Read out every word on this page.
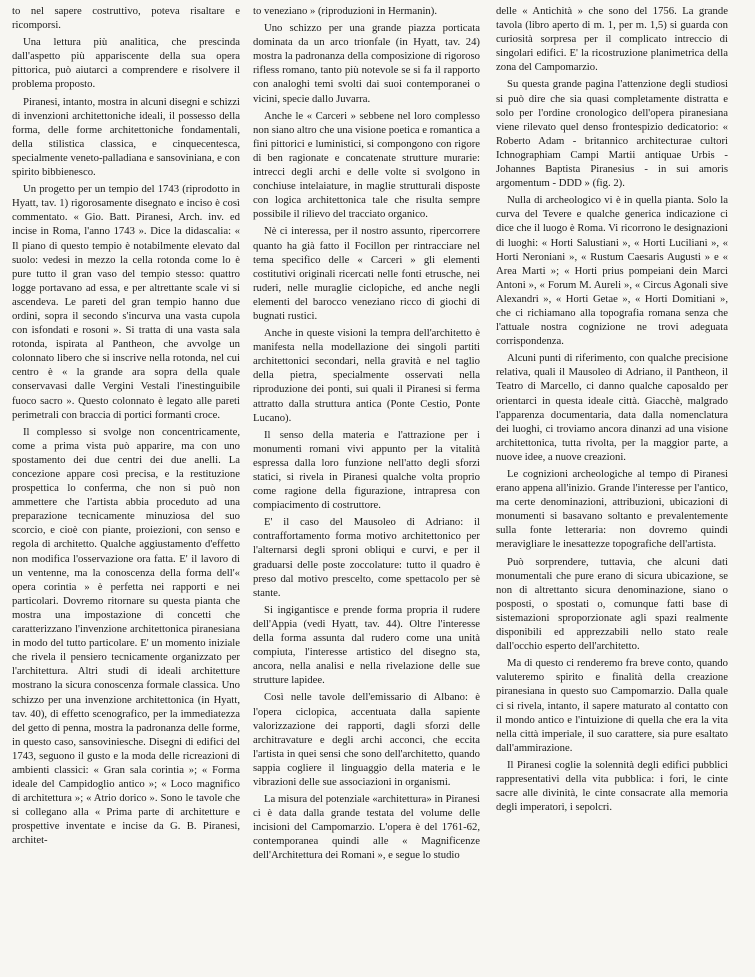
to nel sapere costruttivo, poteva risaltare e ricomporsi.

Una lettura più analitica, che prescinda dall'aspetto più appariscente della sua opera pittorica, può aiutarci a comprendere e risolvere il problema proposto.

Piranesi, intanto, mostra in alcuni disegni e schizzi di invenzioni architettoniche ideali, il possesso della forma, delle forme architettoniche fondamentali, della stilistica classica, e cinquecentesca, specialmente veneto-palladiana e sansoviniana, e con spirito bibbienesco.

Un progetto per un tempio del 1743 (riprodotto in Hyatt, tav. 1) rigorosamente disegnato e inciso è così commentato. « Gio. Batt. Piranesi, Arch. inv. ed incise in Roma, l'anno 1743 ». Dice la didascalia: « Il piano di questo tempio è notabilmente elevato dal suolo: vedesi in mezzo la cella rotonda come lo è pure tutto il gran vaso del tempio stesso: quattro logge portavano ad essa, e per altrettante scale vi si ascendeva. Le pareti del gran tempio hanno due ordini, sopra il secondo s'incurva una vasta cupola con isfondati e rosoni ». Si tratta di una vasta sala rotonda, ispirata al Pantheon, che avvolge un colonnato libero che si inscrive nella rotonda, nel cui centro è « la grande ara sopra della quale conservavasi dalle Vergini Vestali l'inestinguibile fuoco sacro ». Questo colonnato è legato alle pareti perimetrali con braccia di portici formanti croce.

Il complesso si svolge non concentricamente, come a prima vista può apparire, ma con uno spostamento dei due centri dei due anelli. La concezione appare così precisa, e la restituzione prospettica lo conferma, che non si può non ammettere che l'artista abbia proceduto ad una preparazione tecnicamente minuziosa del suo scorcio, e cioè con piante, proiezioni, con senso e regola di architetto. Qualche aggiustamento d'effetto non modifica l'osservazione ora fatta. E' il lavoro di un ventenne, ma la conoscenza della forma dell'« opera corintia » è perfetta nei rapporti e nei particolari. Dovremo ritornare su questa pianta che mostra una impostazione di concetti che caratterizzano l'invenzione architettonica piranesiana in modo del tutto particolare. E' un momento iniziale che rivela il pensiero tecnicamente organizzato per l'architettura. Altri studi di ideali architetture mostrano la sicura conoscenza formale classica. Uno schizzo per una invenzione architettonica (in Hyatt, tav. 40), di effetto scenografico, per la immediatezza del getto di penna, mostra la padronanza delle forme, in questo caso, sansoviniesche. Disegni di edifici del 1743, seguono il gusto e la moda delle ricreazioni di ambienti classici: « Gran sala corintia »; « Forma ideale del Campidoglio antico »; « Loco magnifico di architettura »; « Atrio dorico ». Sono le tavole che si collegano alla « Prima parte di architetture e prospettive inventate e incise da G. B. Piranesi, architet-

to veneziano » (riproduzioni in Hermanin).

Uno schizzo per una grande piazza porticata dominata da un arco trionfale (in Hyatt, tav. 24) mostra la padronanza della composizione di rigoroso rifless romano, tanto più notevole se si fa il rapporto con analoghi temi svolti dai suoi contemporanei o vicini, specie dallo Juvarra.

Anche le « Carceri » sebbene nel loro complesso non siano altro che una visione poetica e romantica a fini pittorici e luministici, si compongono con rigore di ben ragionate e concatenate strutture murarie: intrecci degli archi e delle volte si svolgono in conchiuse intelaiature, in maglie strutturali disposte con logica architettonica tale che risulta sempre possibile il rilievo del tracciato organico.

Nè ci interessa, per il nostro assunto, ripercorrere quanto ha già fatto il Focillon per rintracciare nel tema specifico delle « Carceri » gli elementi costitutivi originali ricercati nelle fonti etrusche, nei ruderi, nelle muraglie ciclopiche, ed anche negli elementi del barocco veneziano ricco di giochi di bugnati rustici.

Anche in queste visioni la tempra dell'architetto è manifesta nella modellazione dei singoli partiti architettonici secondari, nella gravità e nel taglio della pietra, specialmente osservati nella riproduzione dei ponti, sui quali il Piranesi si ferma attratto dalla struttura antica (Ponte Cestio, Ponte Lucano).

Il senso della materia e l'attrazione per i monumenti romani vivi appunto per la vitalità espressa dalla loro funzione nell'atto degli sforzi statici, si rivela in Piranesi qualche volta proprio come ragione della figurazione, intrapresa con compiacimento di costruttore.

E' il caso del Mausoleo di Adriano: il contraffortamento forma motivo architettonico per l'alternarsi degli sproni obliqui e curvi, e per il graduarsi delle poste zoccolature: tutto il quadro è preso dal motivo prescelto, come spettacolo per sè stante.

Si ingigantisce e prende forma propria il rudere dell'Appia (vedi Hyatt, tav. 44). Oltre l'interesse della forma assunta dal rudero come una unità compiuta, l'interesse artistico del disegno sta, ancora, nella analisi e nella rivelazione delle sue strutture lapidee.

Così nelle tavole dell'emissario di Albano: è l'opera ciclopica, accentuata dalla sapiente valorizzazione dei rapporti, dagli sforzi delle architravature e degli archi acconci, che eccita l'artista in quei sensi che sono dell'architetto, quando sappia cogliere il linguaggio della materia e le vibrazioni delle sue associazioni in organismi.

La misura del potenziale «architettura» in Piranesi ci è data dalla grande testata del volume delle incisioni del Campomarzio. L'opera è del 1761-62, contemporanea quindi alle « Magnificenze dell'Architettura dei Romani », e segue lo studio

delle « Antichità » che sono del 1756. La grande tavola (libro aperto di m. 1, per m. 1,5) si guarda con curiosità sorpresa per il complicato intreccio di singolari edifici. E' la ricostruzione planimetrica della zona del Campomarzio.

Su questa grande pagina l'attenzione degli studiosi si può dire che sia quasi completamente distratta e solo per l'ordine cronologico dell'opera piranesiana viene rilevato quel denso frontespizio dedicatorio: « Roberto Adam - britannico architecturae cultori Ichnographiam Campi Martii antiquae Urbis - Johannes Baptista Piranesius - in sui amoris argomentum - DDD » (fig. 2).

Nulla di archeologico vi è in quella pianta. Solo la curva del Tevere e qualche generica indicazione ci dice che il luogo è Roma. Vi ricorrono le designazioni di luoghi: « Horti Salustiani », « Horti Luciliani », « Horti Neroniani », « Rustum Caesaris Augusti » e « Area Marti »; « Horti prius pompeiani dein Marci Antoni », « Forum M. Aureli », « Circus Agonali sive Alexandri », « Horti Getae », « Horti Domitiani », che ci richiamano alla topografia romana senza che l'attuale nostra cognizione ne trovi adeguata corrispondenza.

Alcuni punti di riferimento, con qualche precisione relativa, quali il Mausoleo di Adriano, il Pantheon, il Teatro di Marcello, ci danno qualche caposaldo per orientarci in questa ideale città. Giacchè, malgrado l'apparenza documentaria, data dalla nomenclatura dei luoghi, ci troviamo ancora dinanzi ad una visione architettonica, tutta rivolta, per la maggior parte, a nuove idee, a nuove creazioni.

Le cognizioni archeologiche al tempo di Piranesi erano appena all'inizio. Grande l'interesse per l'antico, ma certe denominazioni, attribuzioni, ubicazioni di monumenti si basavano soltanto e prevalentemente sulla fonte letteraria: non dovremo quindi meravigliare le inesattezze topografiche dell'artista.

Può sorprendere, tuttavia, che alcuni dati monumentali che pure erano di sicura ubicazione, se non di altrettanto sicura denominazione, siano o posposti, o spostati o, comunque fatti base di sistemazioni sproporzionate agli spazi realmente disponibili ed apprezzabili nello stato reale dall'occhio esperto dell'architetto.

Ma di questo ci renderemo fra breve conto, quando valuteremo spirito e finalità della creazione piranesiana in questo suo Campomarzio. Dalla quale ci si rivela, intanto, il sapere maturato al contatto con il mondo antico e l'intuizione di quella che era la vita nella città imperiale, il suo carattere, sia pure esaltato dall'ammirazione.

Il Piranesi coglie la solennità degli edifici pubblici rappresentativi della vita pubblica: i fori, le cinte sacre alle divinità, le cinte consacrate alla memoria degli imperatori, i sepolcri.
